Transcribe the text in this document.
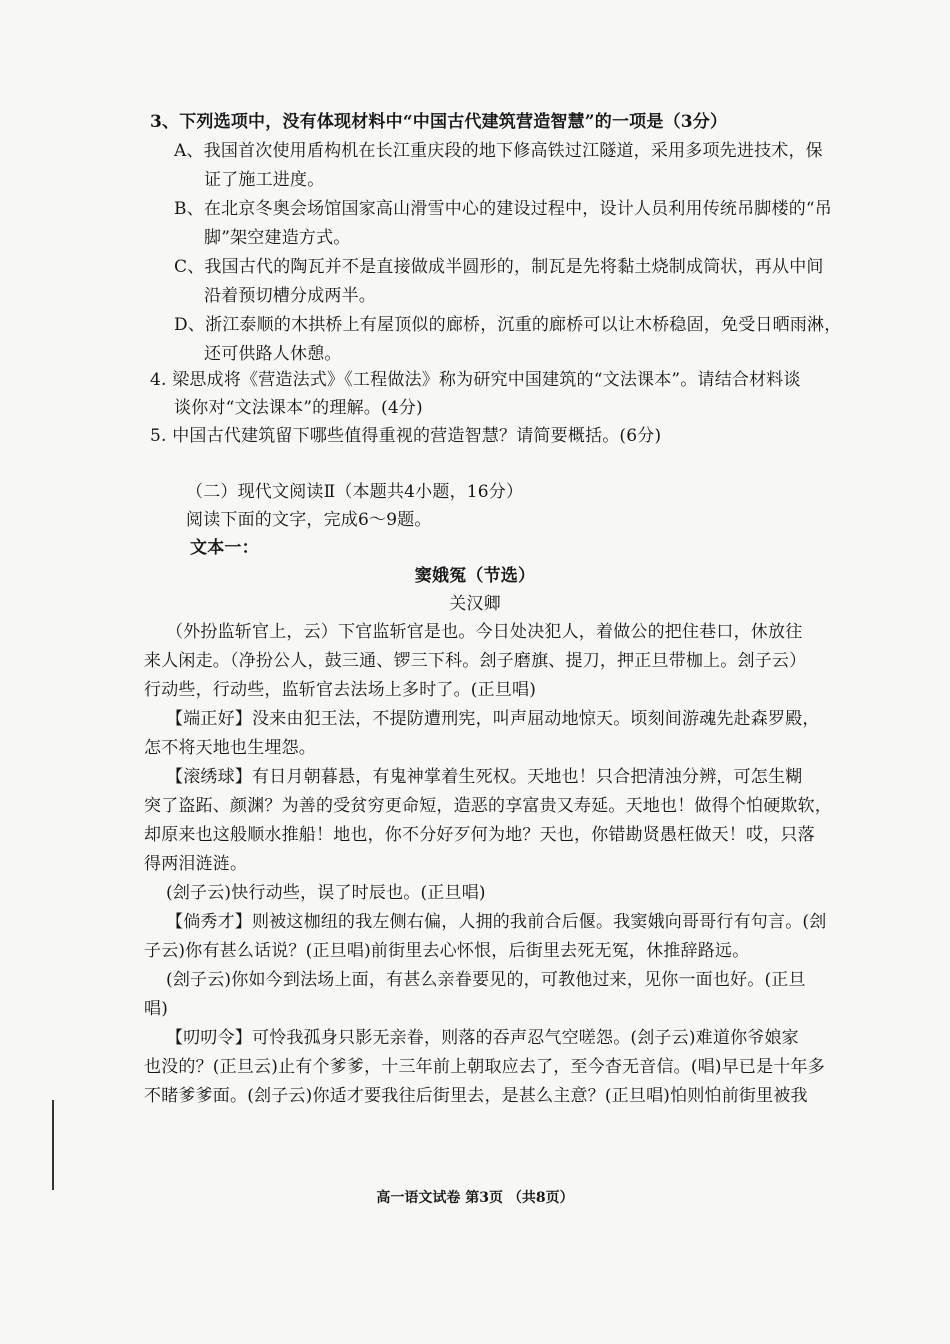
3、下列选项中，没有体现材料中“中国古代建筑营造智慧”的一项是（3分）
A、我国首次使用盾构机在长江重庆段的地下修高铁过江隧道，采用多项先进技术，保
证了施工进度。
B、在北京冬奥会场馆国家高山滑雪中心的建设过程中，设计人员利用传统吊脚楼的“吊
脚”架空建造方式。
C、我国古代的陶瓦并不是直接做成半圆形的，制瓦是先将黏土烧制成筒状，再从中间
沿着预切槽分成两半。
D、浙江泰顺的木拱桥上有屋顶似的廊桥，沉重的廊桥可以让木桥稳固，免受日晒雨淋，
还可供路人休憩。
4. 梁思成将《营造法式》《工程做法》称为研究中国建筑的“文法课本”。请结合材料谈
谈你对“文法课本”的理解。(4分)
5. 中国古代建筑留下哪些值得重视的营造智慧？请简要概括。(6分)
（二）现代文阅读Ⅱ（本题共4小题，16分）
阅读下面的文字，完成6～9题。
文本一：
窦娥冤（节选）
关汉卿
（外扮监斩官上，云）下官监斩官是也。今日处决犯人，着做公的把住巷口，休放往
来人闲走。（净扮公人，鼓三通、锣三下科。刽子磨旗、提刀，押正旦带枷上。刽子云）
行动些，行动些，监斩官去法场上多时了。(正旦唱)
【端正好】没来由犯王法，不提防遭刑宪，叫声屈动地惊天。顷刻间游魂先赴森罗殿，
怎不将天地也生埋怨。
【滚绣球】有日月朝暮悬，有鬼神掌着生死权。天地也！只合把清浊分辨，可怎生糊
突了盗跖、颜渊？为善的受贫穷更命短，造恶的享富贵又寿延。天地也！做得个怕硬欺软，
却原来也这般顺水推船！地也，你不分好歹何为地？天也，你错勘贤愚枉做天！哎，只落
得两泪涟涟。
(刽子云)快行动些，误了时辰也。(正旦唱)
【倘秀才】则被这枷纽的我左侧右偏，人拥的我前合后偃。我窦娥向哥哥行有句言。(刽
子云)你有甚么话说？(正旦唱)前街里去心怀恨，后街里去死无冤，休推辞路远。
(刽子云)你如今到法场上面，有甚么亲眷要见的，可教他过来，见你一面也好。(正旦
唱)
【叨叨令】可怜我孤身只影无亲眷，则落的吞声忍气空嗟怨。(刽子云)难道你爷娘家
也没的？(正旦云)止有个爹爹，十三年前上朝取应去了，至今杳无音信。(唱)早已是十年多
不睹爹爹面。(刽子云)你适才要我往后街里去，是甚么主意？(正旦唱)怕则怕前街里被我
高一语文试卷 第3页 （共8页）
